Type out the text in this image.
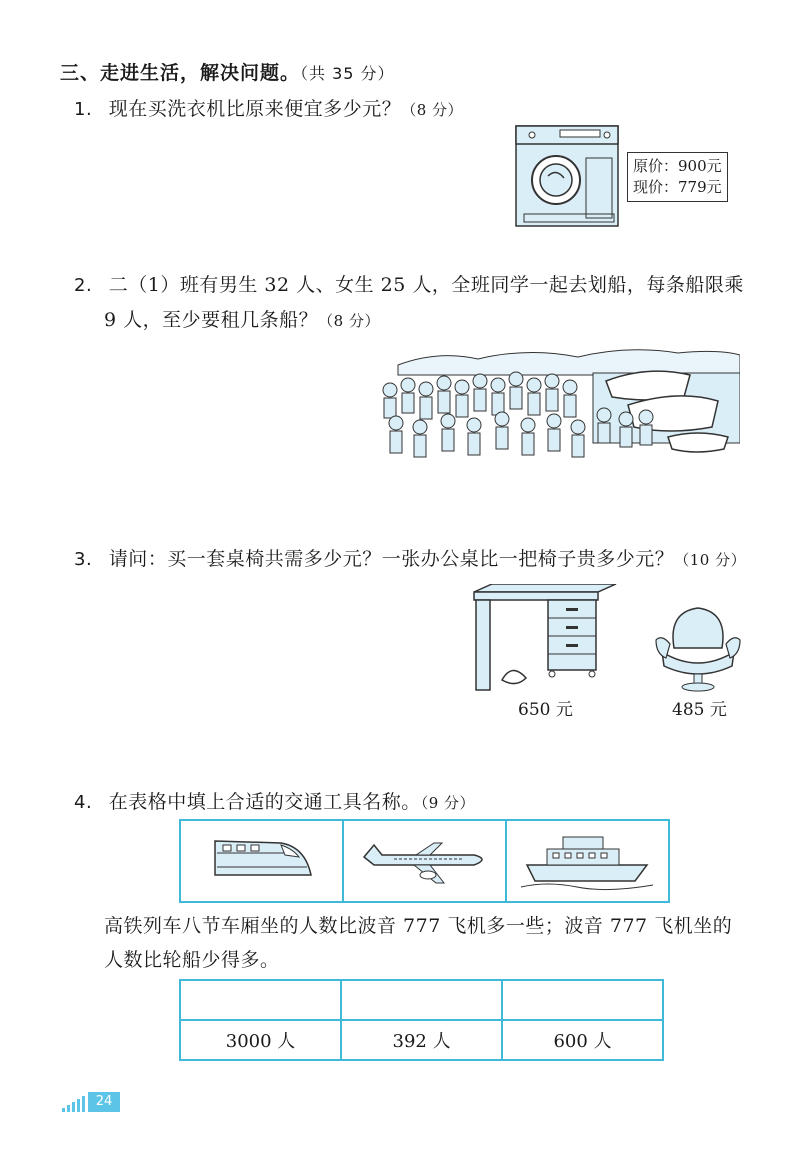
三、走进生活，解决问题。（共 35 分）
1. 现在买洗衣机比原来便宜多少元？（8 分）
原价：900元
现价：779元
2. 二（1）班有男生 32 人、女生 25 人，全班同学一起去划船，每条船限乘
9 人，至少要租几条船？（8 分）
3. 请问：买一套桌椅共需多少元？一张办公桌比一把椅子贵多少元？（10 分）
650 元	485 元
4. 在表格中填上合适的交通工具名称。（9 分）

高铁列车八节车厢坐的人数比波音 777 飞机多一些；波音 777 飞机坐的
人数比轮船少得多。

3000 人	392 人	600 人
24
